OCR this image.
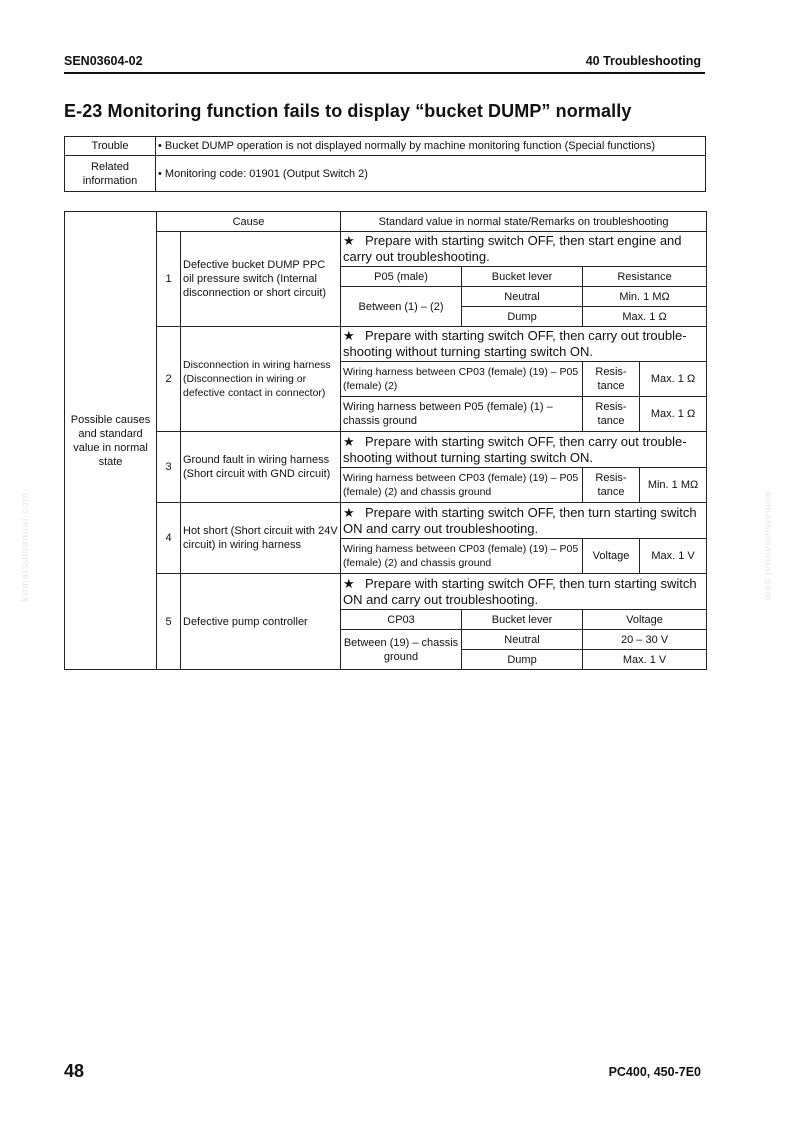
SEN03604-02	40 Troubleshooting
E-23 Monitoring function fails to display “bucket DUMP” normally
Trouble	• Bucket DUMP operation is not displayed normally by machine monitoring function (Special functions)
Related information	• Monitoring code: 01901 (Output Switch 2)
Possible causes and standard value in normal state	Cause		Standard value in normal state/Remarks on troubleshooting			
	1	Defective bucket DUMP PPC oil pressure switch (Internal disconnection or short circuit)	★ Prepare with starting switch OFF, then start engine and carry out troubleshooting.			
			P05 (male)	Bucket lever	Resistance	
			Between (1) – (2)	Neutral	Min. 1 MΩ	
				Dump	Max. 1 Ω	
	2	Disconnection in wiring harness (Disconnection in wiring or defective contact in connector)	★ Prepare with starting switch OFF, then carry out trouble-shooting without turning starting switch ON.			
			Wiring harness between CP03 (female) (19) – P05 (female) (2)		Resis-tance	Max. 1 Ω
			Wiring harness between P05 (female) (1) – chassis ground		Resis-tance	Max. 1 Ω
	3	Ground fault in wiring harness (Short circuit with GND circuit)	★ Prepare with starting switch OFF, then carry out trouble-shooting without turning starting switch ON.			
			Wiring harness between CP03 (female) (19) – P05 (female) (2) and chassis ground		Resis-tance	Min. 1 MΩ
	4	Hot short (Short circuit with 24V circuit) in wiring harness	★ Prepare with starting switch OFF, then turn starting switch ON and carry out troubleshooting.			
			Wiring harness between CP03 (female) (19) – P05 (female) (2) and chassis ground		Voltage	Max. 1 V
	5	Defective pump controller	★ Prepare with starting switch OFF, then turn starting switch ON and carry out troubleshooting.			
			CP03	Bucket lever	Voltage	
			Between (19) – chassis ground	Neutral	20 – 30 V	
				Dump	Max. 1 V	
komatsumanual.com	komatsumanual.com
48	PC400, 450-7E0
